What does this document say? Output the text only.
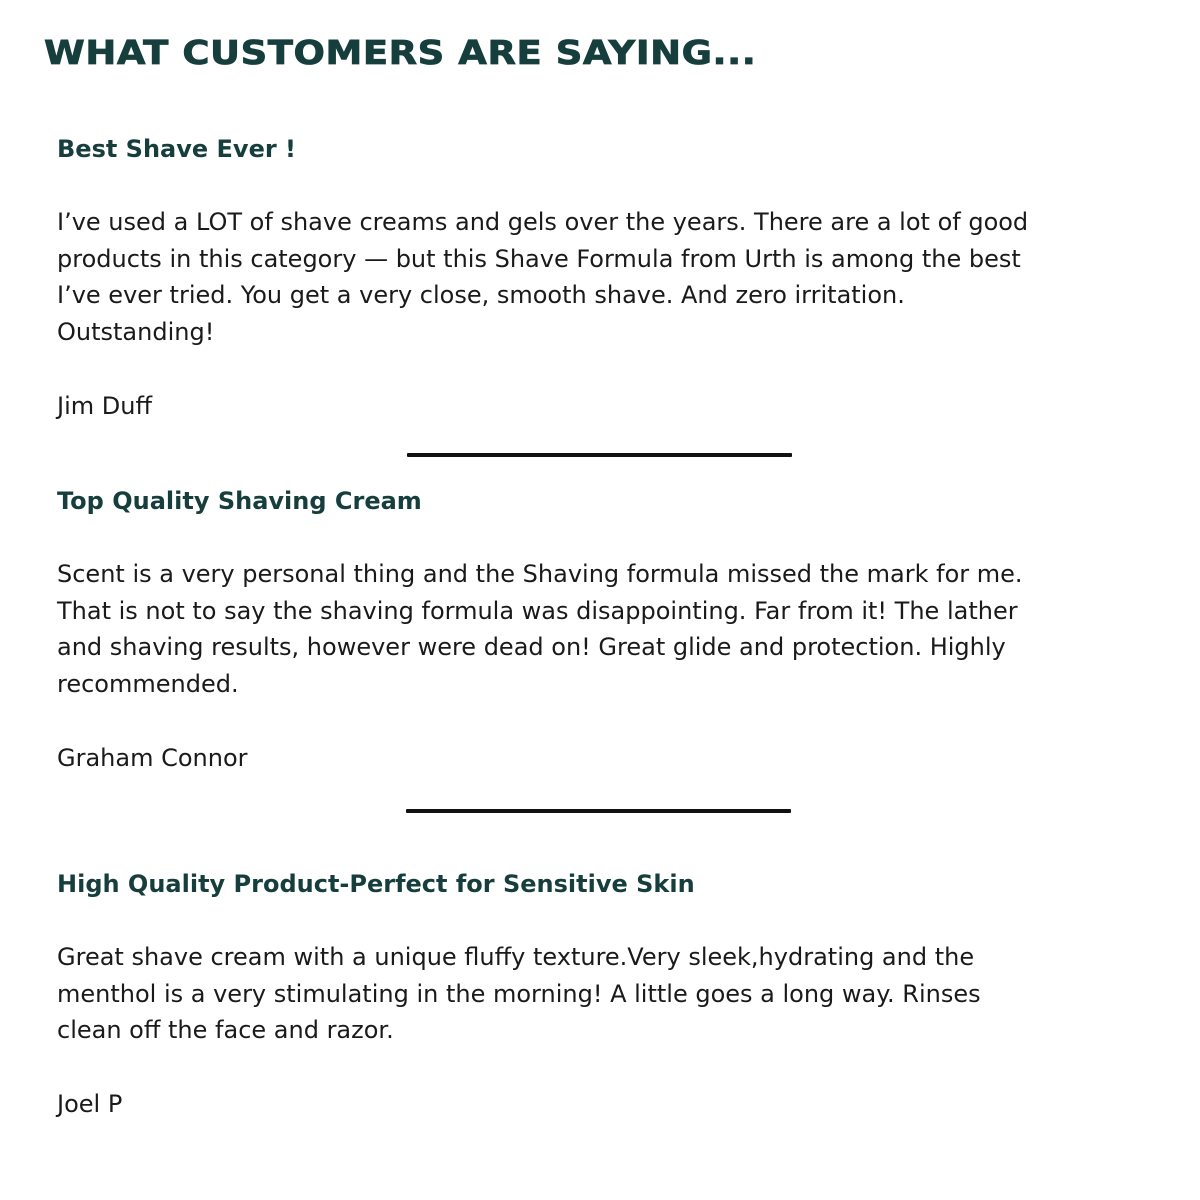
WHAT CUSTOMERS ARE SAYING...
Best Shave Ever !

I’ve used a LOT of shave creams and gels over the years. There are a lot of good
products in this category — but this Shave Formula from Urth is among the best
I’ve ever tried. You get a very close, smooth shave. And zero irritation.
Outstanding!

Jim Duff

Top Quality Shaving Cream

Scent is a very personal thing and the Shaving formula missed the mark for me.
That is not to say the shaving formula was disappointing. Far from it! The lather
and shaving results, however were dead on! Great glide and protection. Highly
recommended.

Graham Connor

High Quality Product-Perfect for Sensitive Skin

Great shave cream with a unique fluffy texture.Very sleek,hydrating and the
menthol is a very stimulating in the morning! A little goes a long way. Rinses
clean off the face and razor.

Joel P
